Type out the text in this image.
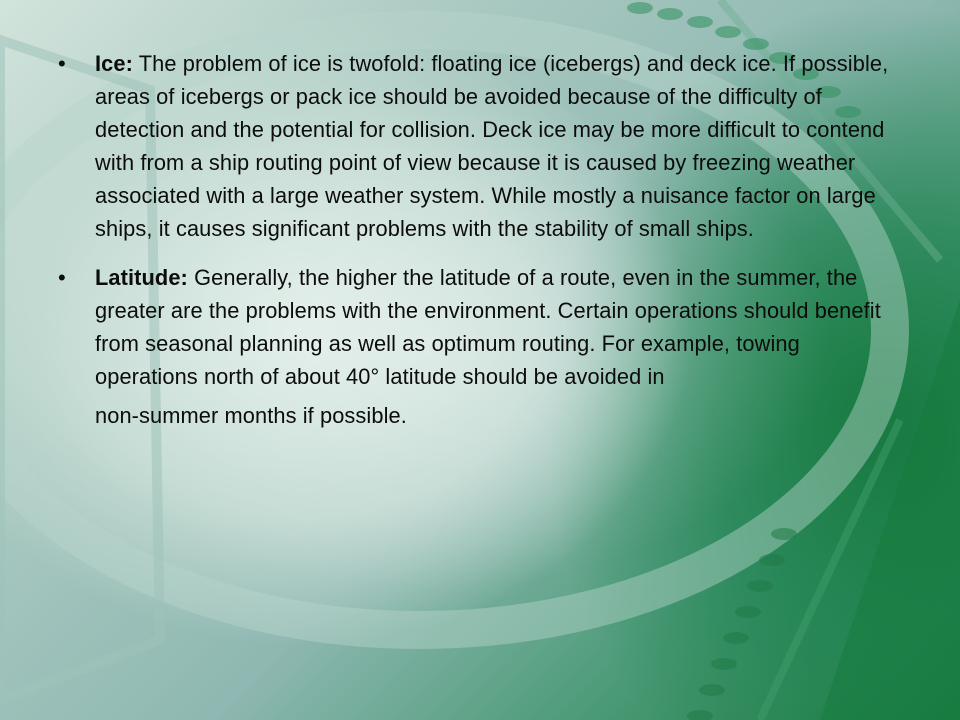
• Ice: The problem of ice is twofold: floating ice (icebergs) and deck ice. If possible, areas of icebergs or pack ice should be avoided because of the difficulty of detection and the potential for collision. Deck ice may be more difficult to contend with from a ship routing point of view because it is caused by freezing weather associated with a large weather system. While mostly a nuisance factor on large ships, it causes significant problems with the stability of small ships.
• Latitude: Generally, the higher the latitude of a route, even in the summer, the greater are the problems with the environment. Certain operations should benefit from seasonal planning as well as optimum routing. For example, towing operations north of about 40° latitude should be avoided in
non-summer months if possible.
